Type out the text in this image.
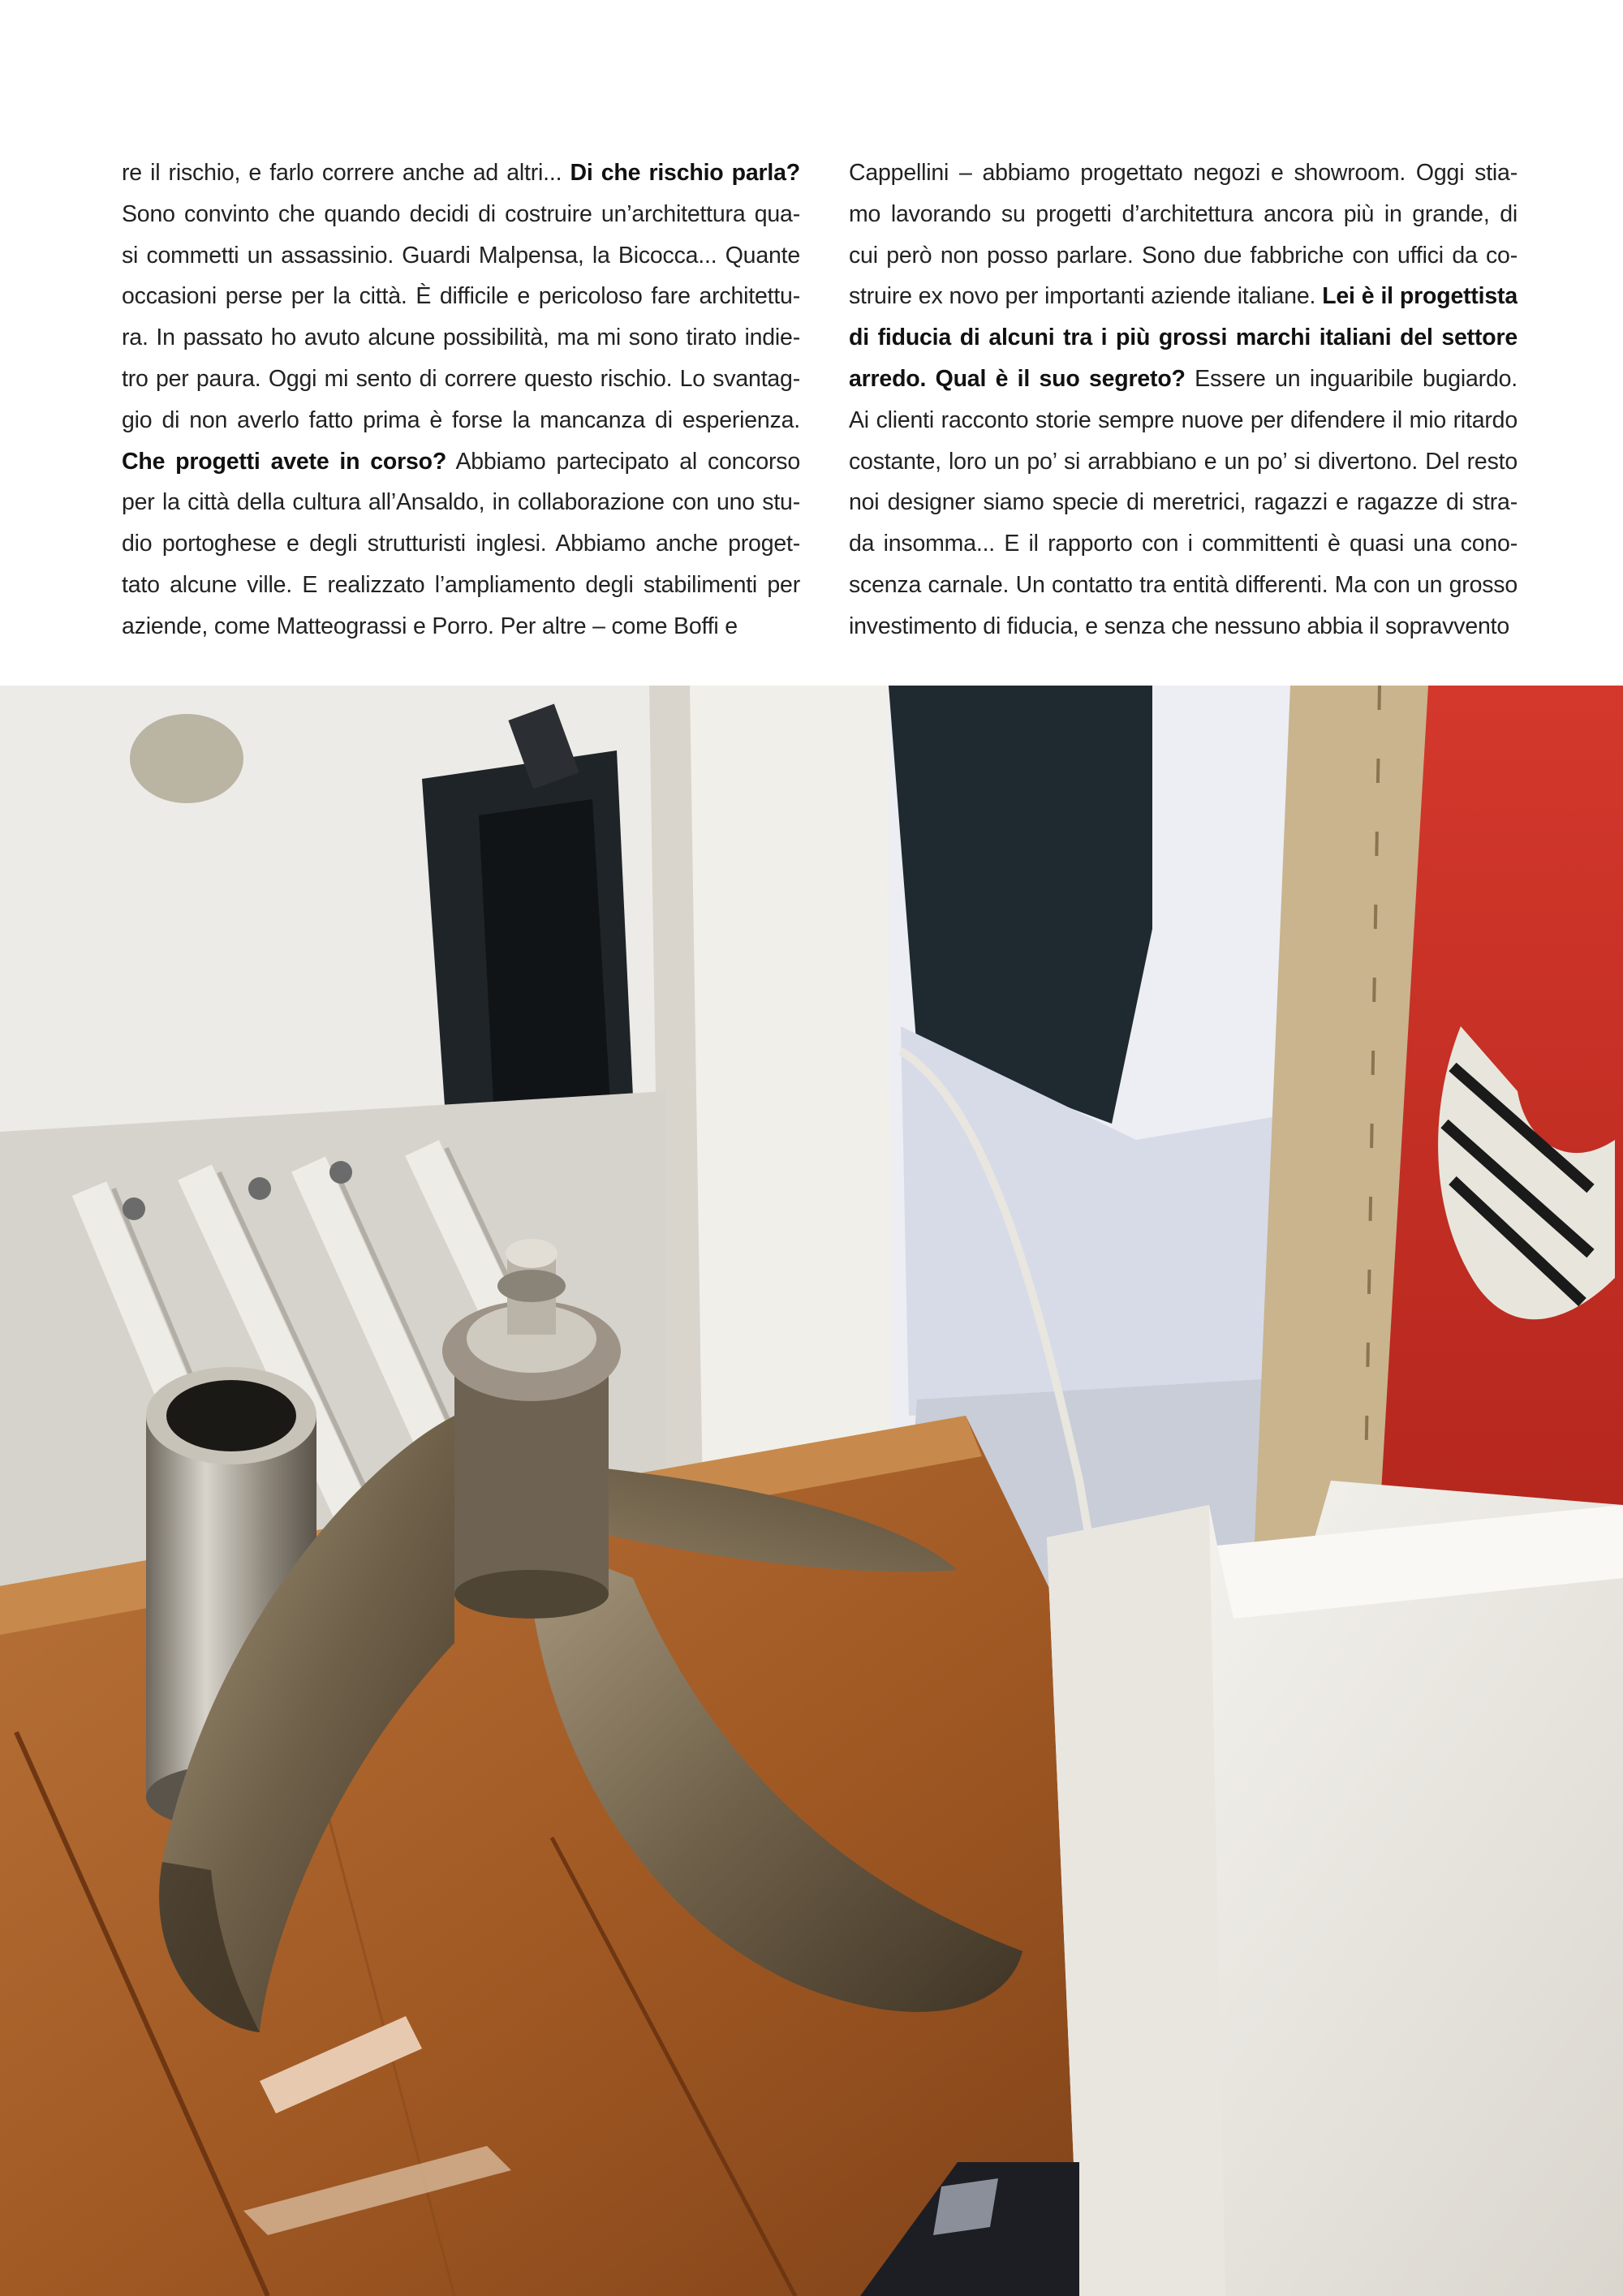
re il rischio, e farlo correre anche ad altri... Di che rischio parla?
Sono convinto che quando decidi di costruire un’architettura qua-
si commetti un assassinio. Guardi Malpensa, la Bicocca... Quante
occasioni perse per la città. È difficile e pericoloso fare architettu-
ra. In passato ho avuto alcune possibilità, ma mi sono tirato indie-
tro per paura. Oggi mi sento di correre questo rischio. Lo svantag-
gio di non averlo fatto prima è forse la mancanza di esperienza.
Che progetti avete in corso? Abbiamo partecipato al concorso
per la città della cultura all’Ansaldo, in collaborazione con uno stu-
dio portoghese e degli strutturisti inglesi. Abbiamo anche proget-
tato alcune ville. E realizzato l’ampliamento degli stabilimenti per
aziende, come Matteograssi e Porro. Per altre – come Boffi e
Cappellini – abbiamo progettato negozi e showroom. Oggi stia-
mo lavorando su progetti d’architettura ancora più in grande, di
cui però non posso parlare. Sono due fabbriche con uffici da co-
struire ex novo per importanti aziende italiane. Lei è il progettista
di fiducia di alcuni tra i più grossi marchi italiani del settore
arredo. Qual è il suo segreto? Essere un inguaribile bugiardo.
Ai clienti racconto storie sempre nuove per difendere il mio ritardo
costante, loro un po’ si arrabbiano e un po’ si divertono. Del resto
noi designer siamo specie di meretrici, ragazzi e ragazze di stra-
da insomma... E il rapporto con i committenti è quasi una cono-
scenza carnale. Un contatto tra entità differenti. Ma con un grosso
investimento di fiducia, e senza che nessuno abbia il sopravvento
